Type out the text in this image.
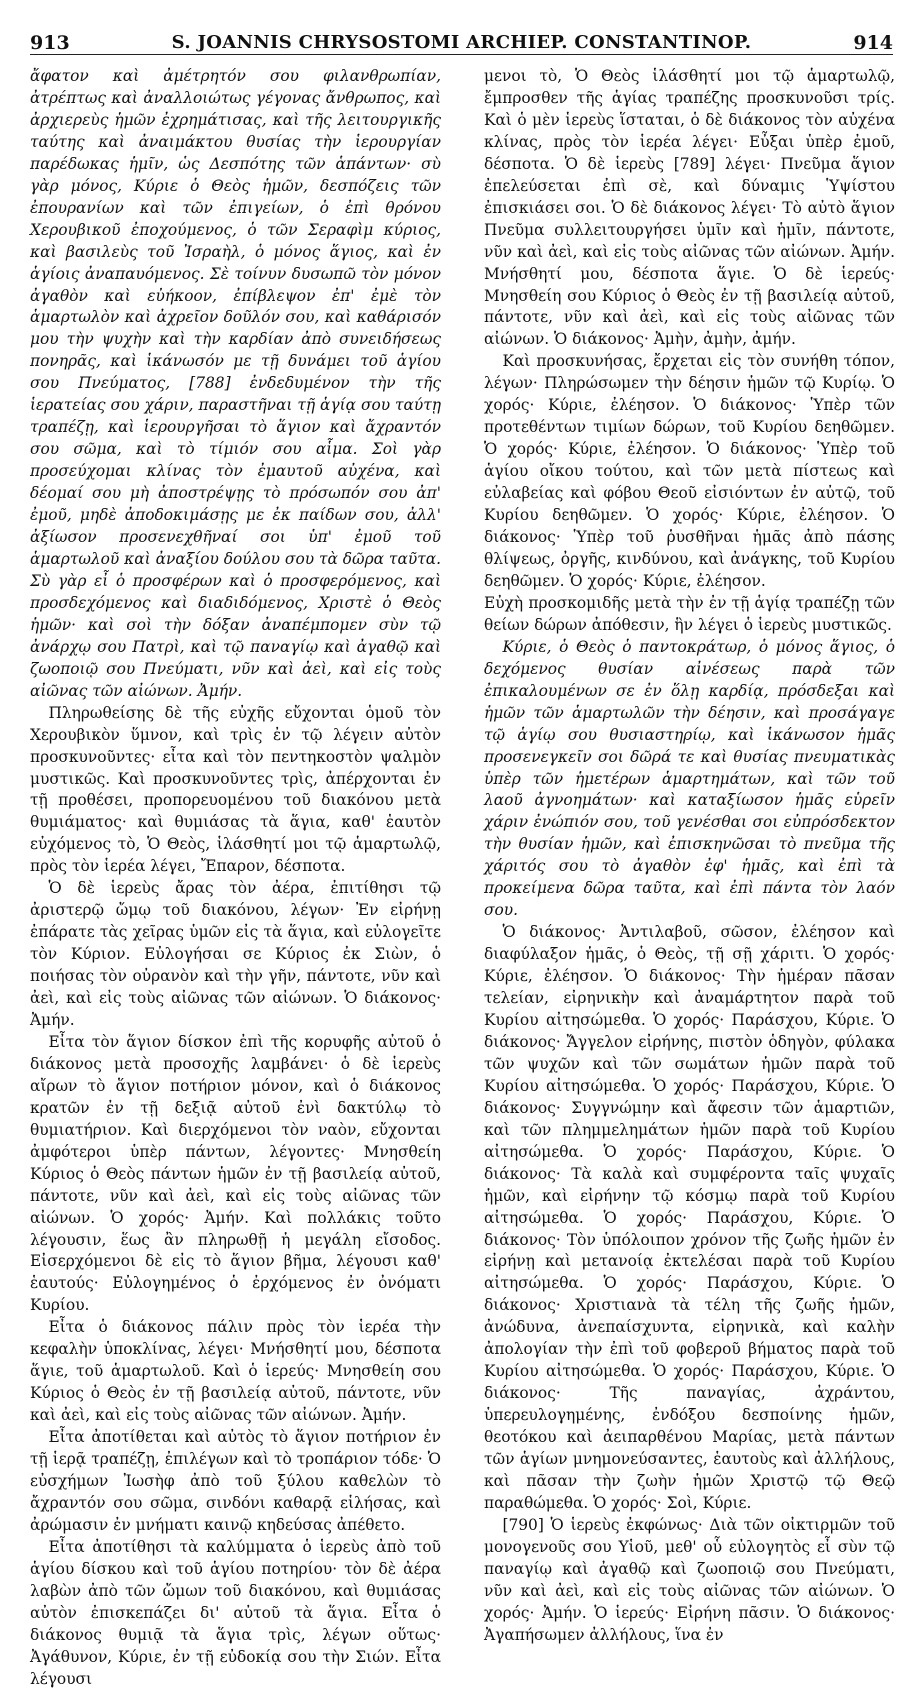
913	S. JOANNIS CHRYSOSTOMI ARCHIEP. CONSTANTINOP.	914

ἄφατον καὶ ἀμέτρητόν σου φιλανθρωπίαν, ἀτρέπτως καὶ ἀναλλοιώτως γέγονας ἄνθρωπος, καὶ ἀρχιερεὺς ἡμῶν ἐχρημάτισας, καὶ τῆς λειτουργικῆς ταύτης καὶ ἀναιμάκτου θυσίας τὴν ἱερουργίαν παρέδωκας ἡμῖν, ὡς Δεσπότης τῶν ἁπάντων· σὺ γὰρ μόνος, Κύριε ὁ Θεὸς ἡμῶν, δεσπόζεις τῶν ἐπουρανίων καὶ τῶν ἐπιγείων, ὁ ἐπὶ θρόνου Χερουβικοῦ ἐποχούμενος, ὁ τῶν Σεραφὶμ κύριος, καὶ βασιλεὺς τοῦ Ἰσραὴλ, ὁ μόνος ἅγιος, καὶ ἐν ἁγίοις ἀναπαυόμενος. Σὲ τοίνυν δυσωπῶ τὸν μόνον ἀγαθὸν καὶ εὐήκοον, ἐπίβλεψον ἐπ' ἐμὲ τὸν ἁμαρτωλὸν καὶ ἀχρεῖον δοῦλόν σου, καὶ καθάρισόν μου τὴν ψυχὴν καὶ τὴν καρδίαν ἀπὸ συνειδήσεως πονηρᾶς, καὶ ἱκάνωσόν με τῇ δυνάμει τοῦ ἁγίου σου Πνεύματος, [788] ἐνδεδυμένον τὴν τῆς ἱερατείας σου χάριν, παραστῆναι τῇ ἁγίᾳ σου ταύτῃ τραπέζῃ, καὶ ἱερουργῆσαι τὸ ἅγιον καὶ ἄχραντόν σου σῶμα, καὶ τὸ τίμιόν σου αἷμα. Σοὶ γὰρ προσεύχομαι κλίνας τὸν ἐμαυτοῦ αὐχένα, καὶ δέομαί σου μὴ ἀποστρέψῃς τὸ πρόσωπόν σου ἀπ' ἐμοῦ, μηδὲ ἀποδοκιμάσῃς με ἐκ παίδων σου, ἀλλ' ἀξίωσον προσενεχθῆναί σοι ὑπ' ἐμοῦ τοῦ ἁμαρτωλοῦ καὶ ἀναξίου δούλου σου τὰ δῶρα ταῦτα. Σὺ γὰρ εἶ ὁ προσφέρων καὶ ὁ προσφερόμενος, καὶ προσδεχόμενος καὶ διαδιδόμενος, Χριστὲ ὁ Θεὸς ἡμῶν· καὶ σοὶ τὴν δόξαν ἀναπέμπομεν σὺν τῷ ἀνάρχῳ σου Πατρὶ, καὶ τῷ παναγίῳ καὶ ἀγαθῷ καὶ ζωοποιῷ σου Πνεύματι, νῦν καὶ ἀεὶ, καὶ εἰς τοὺς αἰῶνας τῶν αἰώνων. Ἀμήν.

Πληρωθείσης δὲ τῆς εὐχῆς εὔχονται ὁμοῦ τὸν Χερουβικὸν ὕμνον, καὶ τρὶς ἐν τῷ λέγειν αὐτὸν προσκυνοῦντες· εἶτα καὶ τὸν πεντηκοστὸν ψαλμὸν μυστικῶς. Καὶ προσκυνοῦντες τρὶς, ἀπέρχονται ἐν τῇ προθέσει, προπορευομένου τοῦ διακόνου μετὰ θυμιάματος· καὶ θυμιάσας τὰ ἅγια, καθ' ἑαυτὸν εὐχόμενος τὸ, Ὁ Θεὸς, ἱλάσθητί μοι τῷ ἁμαρτωλῷ, πρὸς τὸν ἱερέα λέγει, Ἔπαρον, δέσποτα.

Ὁ δὲ ἱερεὺς ἄρας τὸν ἀέρα, ἐπιτίθησι τῷ ἀριστερῷ ὤμῳ τοῦ διακόνου, λέγων· Ἐν εἰρήνῃ ἐπάρατε τὰς χεῖρας ὑμῶν εἰς τὰ ἅγια, καὶ εὐλογεῖτε τὸν Κύριον. Εὐλογήσαι σε Κύριος ἐκ Σιὼν, ὁ ποιήσας τὸν οὐρανὸν καὶ τὴν γῆν, πάντοτε, νῦν καὶ ἀεὶ, καὶ εἰς τοὺς αἰῶνας τῶν αἰώνων. Ὁ διάκονος· Ἀμήν.

Εἶτα τὸν ἅγιον δίσκον ἐπὶ τῆς κορυφῆς αὐτοῦ ὁ διάκονος μετὰ προσοχῆς λαμβάνει· ὁ δὲ ἱερεὺς αἴρων τὸ ἅγιον ποτήριον μόνον, καὶ ὁ διάκονος κρατῶν ἐν τῇ δεξιᾷ αὐτοῦ ἐνὶ δακτύλῳ τὸ θυμιατήριον. Καὶ διερχόμενοι τὸν ναὸν, εὔχονται ἀμφότεροι ὑπὲρ πάντων, λέγοντες· Μνησθείη Κύριος ὁ Θεὸς πάντων ἡμῶν ἐν τῇ βασιλείᾳ αὐτοῦ, πάντοτε, νῦν καὶ ἀεὶ, καὶ εἰς τοὺς αἰῶνας τῶν αἰώνων. Ὁ χορός· Ἀμήν. Καὶ πολλάκις τοῦτο λέγουσιν, ἕως ἂν πληρωθῇ ἡ μεγάλη εἴσοδος. Εἰσερχόμενοι δὲ εἰς τὸ ἅγιον βῆμα, λέγουσι καθ' ἑαυτούς· Εὐλογημένος ὁ ἐρχόμενος ἐν ὀνόματι Κυρίου.

Εἶτα ὁ διάκονος πάλιν πρὸς τὸν ἱερέα τὴν κεφαλὴν ὑποκλίνας, λέγει· Μνήσθητί μου, δέσποτα ἅγιε, τοῦ ἁμαρτωλοῦ. Καὶ ὁ ἱερεύς· Μνησθείη σου Κύριος ὁ Θεὸς ἐν τῇ βασιλείᾳ αὐτοῦ, πάντοτε, νῦν καὶ ἀεὶ, καὶ εἰς τοὺς αἰῶνας τῶν αἰώνων. Ἀμήν.

Εἶτα ἀποτίθεται καὶ αὐτὸς τὸ ἅγιον ποτήριον ἐν τῇ ἱερᾷ τραπέζῃ, ἐπιλέγων καὶ τὸ τροπάριον τόδε· Ὁ εὐσχήμων Ἰωσὴφ ἀπὸ τοῦ ξύλου καθελὼν τὸ ἄχραντόν σου σῶμα, σινδόνι καθαρᾷ εἱλήσας, καὶ ἀρώμασιν ἐν μνήματι καινῷ κηδεύσας ἀπέθετο.

Εἶτα ἀποτίθησι τὰ καλύμματα ὁ ἱερεὺς ἀπὸ τοῦ ἁγίου δίσκου καὶ τοῦ ἁγίου ποτηρίου· τὸν δὲ ἀέρα λαβὼν ἀπὸ τῶν ὤμων τοῦ διακόνου, καὶ θυμιάσας αὐτὸν ἐπισκεπάζει δι' αὐτοῦ τὰ ἅγια. Εἶτα ὁ διάκονος θυμιᾷ τὰ ἅγια τρὶς, λέγων οὕτως· Ἀγάθυνον, Κύριε, ἐν τῇ εὐδοκίᾳ σου τὴν Σιών. Εἶτα λέγουσι

μενοι τὸ, Ὁ Θεὸς ἱλάσθητί μοι τῷ ἁμαρτωλῷ, ἔμπροσθεν τῆς ἁγίας τραπέζης προσκυνοῦσι τρίς. Καὶ ὁ μὲν ἱερεὺς ἵσταται, ὁ δὲ διάκονος τὸν αὐχένα κλίνας, πρὸς τὸν ἱερέα λέγει· Εὖξαι ὑπὲρ ἐμοῦ, δέσποτα. Ὁ δὲ ἱερεὺς [789] λέγει· Πνεῦμα ἅγιον ἐπελεύσεται ἐπὶ σὲ, καὶ δύναμις Ὑψίστου ἐπισκιάσει σοι. Ὁ δὲ διάκονος λέγει· Τὸ αὐτὸ ἅγιον Πνεῦμα συλλειτουργήσει ὑμῖν καὶ ἡμῖν, πάντοτε, νῦν καὶ ἀεὶ, καὶ εἰς τοὺς αἰῶνας τῶν αἰώνων. Ἀμήν. Μνήσθητί μου, δέσποτα ἅγιε. Ὁ δὲ ἱερεύς· Μνησθείη σου Κύριος ὁ Θεὸς ἐν τῇ βασιλείᾳ αὐτοῦ, πάντοτε, νῦν καὶ ἀεὶ, καὶ εἰς τοὺς αἰῶνας τῶν αἰώνων. Ὁ διάκονος· Ἀμὴν, ἀμὴν, ἀμήν.

Καὶ προσκυνήσας, ἔρχεται εἰς τὸν συνήθη τόπον, λέγων· Πληρώσωμεν τὴν δέησιν ἡμῶν τῷ Κυρίῳ. Ὁ χορός· Κύριε, ἐλέησον. Ὁ διάκονος· Ὑπὲρ τῶν προτεθέντων τιμίων δώρων, τοῦ Κυρίου δεηθῶμεν. Ὁ χορός· Κύριε, ἐλέησον. Ὁ διάκονος· Ὑπὲρ τοῦ ἁγίου οἴκου τούτου, καὶ τῶν μετὰ πίστεως καὶ εὐλαβείας καὶ φόβου Θεοῦ εἰσιόντων ἐν αὐτῷ, τοῦ Κυρίου δεηθῶμεν. Ὁ χορός· Κύριε, ἐλέησον. Ὁ διάκονος· Ὑπὲρ τοῦ ῥυσθῆναι ἡμᾶς ἀπὸ πάσης θλίψεως, ὀργῆς, κινδύνου, καὶ ἀνάγκης, τοῦ Κυρίου δεηθῶμεν. Ὁ χορός· Κύριε, ἐλέησον.

Εὐχὴ προσκομιδῆς μετὰ τὴν ἐν τῇ ἁγίᾳ τραπέζῃ τῶν θείων δώρων ἀπόθεσιν, ἣν λέγει ὁ ἱερεὺς μυστικῶς.

Κύριε, ὁ Θεὸς ὁ παντοκράτωρ, ὁ μόνος ἅγιος, ὁ δεχόμενος θυσίαν αἰνέσεως παρὰ τῶν ἐπικαλουμένων σε ἐν ὅλῃ καρδίᾳ, πρόσδεξαι καὶ ἡμῶν τῶν ἁμαρτωλῶν τὴν δέησιν, καὶ προσάγαγε τῷ ἁγίῳ σου θυσιαστηρίῳ, καὶ ἱκάνωσον ἡμᾶς προσενεγκεῖν σοι δῶρά τε καὶ θυσίας πνευματικὰς ὑπὲρ τῶν ἡμετέρων ἁμαρτημάτων, καὶ τῶν τοῦ λαοῦ ἀγνοημάτων· καὶ καταξίωσον ἡμᾶς εὑρεῖν χάριν ἐνώπιόν σου, τοῦ γενέσθαι σοι εὐπρόσδεκτον τὴν θυσίαν ἡμῶν, καὶ ἐπισκηνῶσαι τὸ πνεῦμα τῆς χάριτός σου τὸ ἀγαθὸν ἐφ' ἡμᾶς, καὶ ἐπὶ τὰ προκείμενα δῶρα ταῦτα, καὶ ἐπὶ πάντα τὸν λαόν σου.

Ὁ διάκονος· Ἀντιλαβοῦ, σῶσον, ἐλέησον καὶ διαφύλαξον ἡμᾶς, ὁ Θεὸς, τῇ σῇ χάριτι. Ὁ χορός· Κύριε, ἐλέησον. Ὁ διάκονος· Τὴν ἡμέραν πᾶσαν τελείαν, εἰρηνικὴν καὶ ἀναμάρτητον παρὰ τοῦ Κυρίου αἰτησώμεθα. Ὁ χορός· Παράσχου, Κύριε. Ὁ διάκονος· Ἄγγελον εἰρήνης, πιστὸν ὁδηγὸν, φύλακα τῶν ψυχῶν καὶ τῶν σωμάτων ἡμῶν παρὰ τοῦ Κυρίου αἰτησώμεθα. Ὁ χορός· Παράσχου, Κύριε. Ὁ διάκονος· Συγγνώμην καὶ ἄφεσιν τῶν ἁμαρτιῶν, καὶ τῶν πλημμελημάτων ἡμῶν παρὰ τοῦ Κυρίου αἰτησώμεθα. Ὁ χορός· Παράσχου, Κύριε. Ὁ διάκονος· Τὰ καλὰ καὶ συμφέροντα ταῖς ψυχαῖς ἡμῶν, καὶ εἰρήνην τῷ κόσμῳ παρὰ τοῦ Κυρίου αἰτησώμεθα. Ὁ χορός· Παράσχου, Κύριε. Ὁ διάκονος· Τὸν ὑπόλοιπον χρόνον τῆς ζωῆς ἡμῶν ἐν εἰρήνῃ καὶ μετανοίᾳ ἐκτελέσαι παρὰ τοῦ Κυρίου αἰτησώμεθα. Ὁ χορός· Παράσχου, Κύριε. Ὁ διάκονος· Χριστιανὰ τὰ τέλη τῆς ζωῆς ἡμῶν, ἀνώδυνα, ἀνεπαίσχυντα, εἰρηνικὰ, καὶ καλὴν ἀπολογίαν τὴν ἐπὶ τοῦ φοβεροῦ βήματος παρὰ τοῦ Κυρίου αἰτησώμεθα. Ὁ χορός· Παράσχου, Κύριε. Ὁ διάκονος· Τῆς παναγίας, ἀχράντου, ὑπερευλογημένης, ἐνδόξου δεσποίνης ἡμῶν, θεοτόκου καὶ ἀειπαρθένου Μαρίας, μετὰ πάντων τῶν ἁγίων μνημονεύσαντες, ἑαυτοὺς καὶ ἀλλήλους, καὶ πᾶσαν τὴν ζωὴν ἡμῶν Χριστῷ τῷ Θεῷ παραθώμεθα. Ὁ χορός· Σοὶ, Κύριε.

[790] Ὁ ἱερεὺς ἐκφώνως· Διὰ τῶν οἰκτιρμῶν τοῦ μονογενοῦς σου Υἱοῦ, μεθ' οὗ εὐλογητὸς εἶ σὺν τῷ παναγίῳ καὶ ἀγαθῷ καὶ ζωοποιῷ σου Πνεύματι, νῦν καὶ ἀεὶ, καὶ εἰς τοὺς αἰῶνας τῶν αἰώνων. Ὁ χορός· Ἀμήν. Ὁ ἱερεύς· Εἰρήνη πᾶσιν. Ὁ διάκονος· Ἀγαπήσωμεν ἀλλήλους, ἵνα ἐν
